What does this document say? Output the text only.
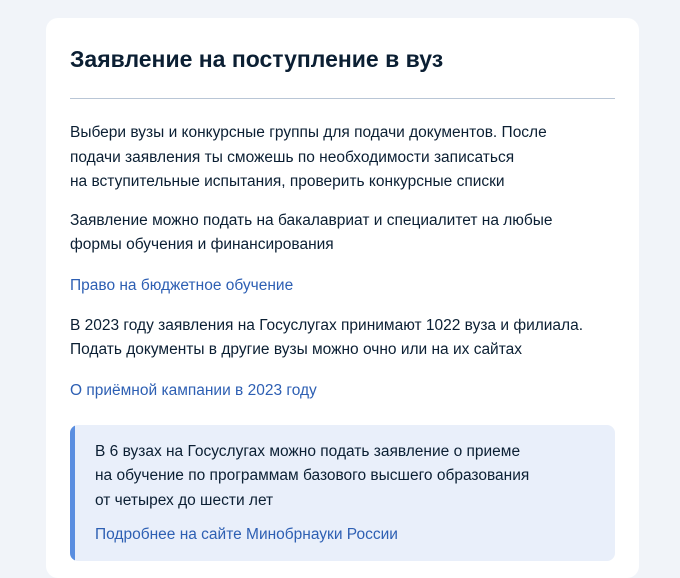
Заявление на поступление в вуз

Выбери вузы и конкурсные группы для подачи документов. После
подачи заявления ты сможешь по необходимости записаться
на вступительные испытания, проверить конкурсные списки

Заявление можно подать на бакалавриат и специалитет на любые
формы обучения и финансирования

Право на бюджетное обучение

В 2023 году заявления на Госуслугах принимают 1022 вуза и филиала.
Подать документы в другие вузы можно очно или на их сайтах

О приёмной кампании в 2023 году

В 6 вузах на Госуслугах можно подать заявление о приеме
на обучение по программам базового высшего образования
от четырех до шести лет

Подробнее на сайте Минобрнауки России
